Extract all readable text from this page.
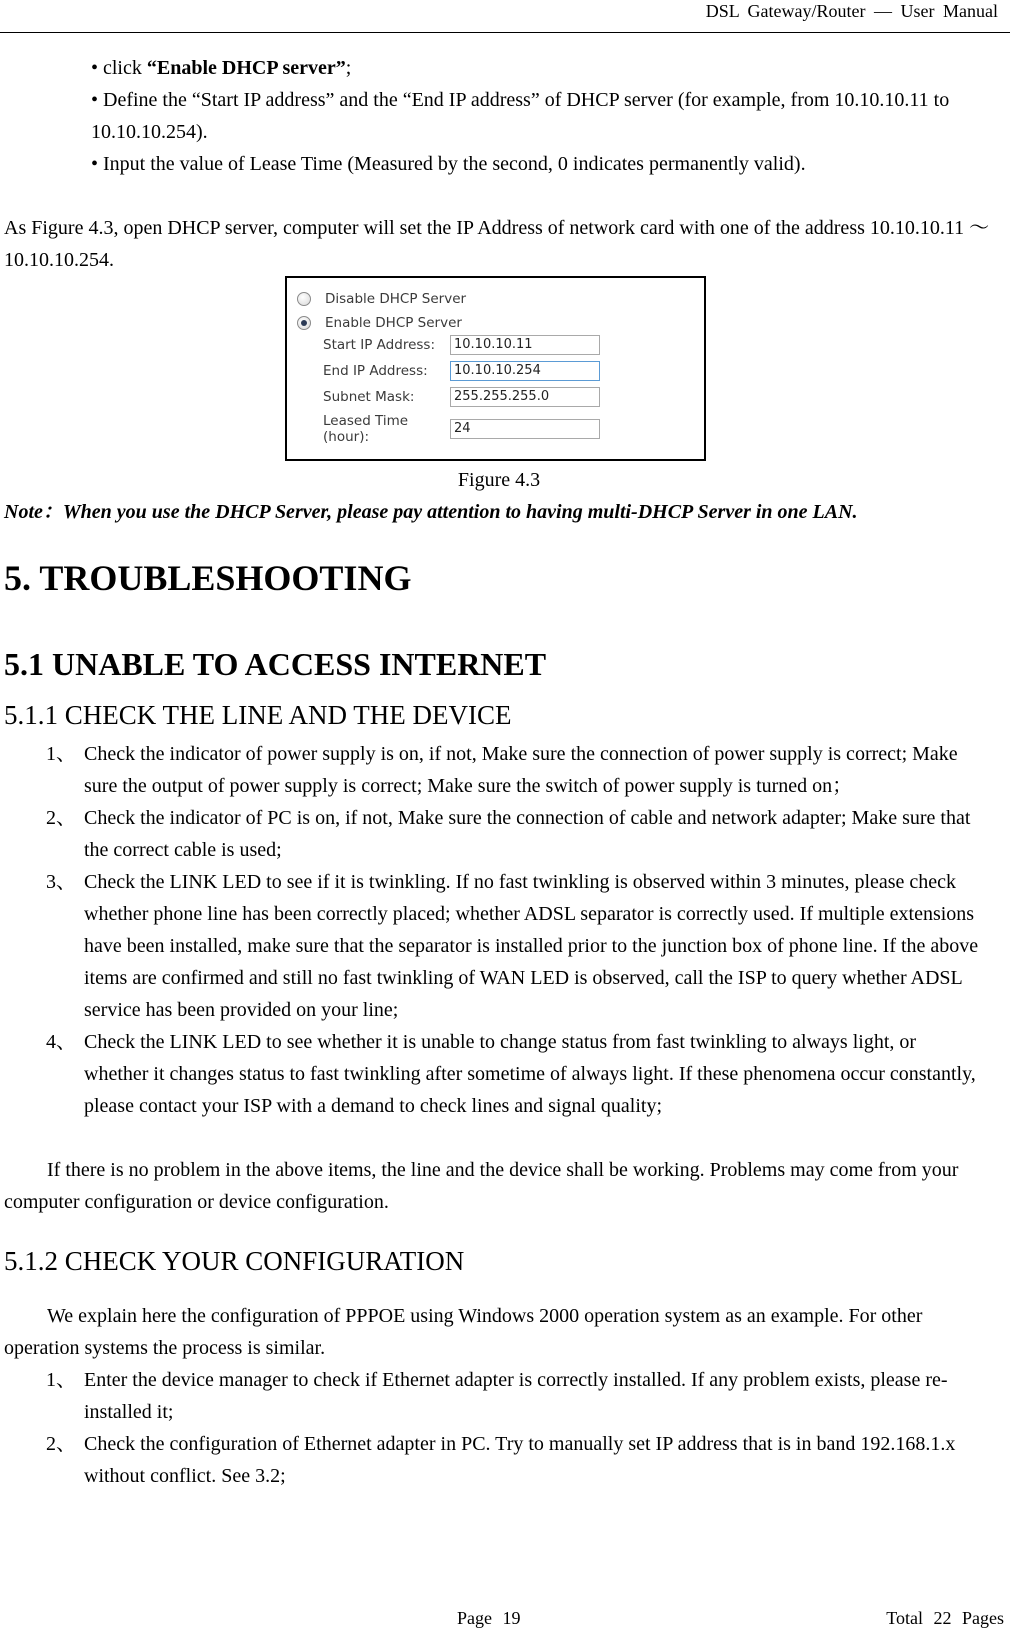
DSL Gateway/Router — User Manual

• click “Enable DHCP server”;

• Define the “Start IP address” and the “End IP address” of DHCP server (for example, from 10.10.10.11 to 10.10.10.254).

• Input the value of Lease Time (Measured by the second, 0 indicates permanently valid).

As Figure 4.3, open DHCP server, computer will set the IP Address of network card with one of the address 10.10.10.11 ～ 10.10.10.254.

Disable DHCP Server
Enable DHCP Server
Start IP Address:	10.10.10.11
End IP Address:	10.10.10.254
Subnet Mask:	255.255.255.0
Leased Time (hour):
24
Figure 4.3
Note：When you use the DHCP Server, please pay attention to having multi-DHCP Server in one LAN.
5. TROUBLESHOOTING
5.1 UNABLE TO ACCESS INTERNET
5.1.1 CHECK THE LINE AND THE DEVICE
1、 Check the indicator of power supply is on, if not, Make sure the connection of power supply is correct; Make sure the output of power supply is correct; Make sure the switch of power supply is turned on；
2、 Check the indicator of PC is on, if not, Make sure the connection of cable and network adapter; Make sure that the correct cable is used;
3、 Check the LINK LED to see if it is twinkling. If no fast twinkling is observed within 3 minutes, please check whether phone line has been correctly placed; whether ADSL separator is correctly used. If multiple extensions have been installed, make sure that the separator is installed prior to the junction box of phone line. If the above items are confirmed and still no fast twinkling of WAN LED is observed, call the ISP to query whether ADSL service has been provided on your line;
4、 Check the LINK LED to see whether it is unable to change status from fast twinkling to always light, or whether it changes status to fast twinkling after sometime of always light. If these phenomena occur constantly, please contact your ISP with a demand to check lines and signal quality;

If there is no problem in the above items, the line and the device shall be working. Problems may come from your computer configuration or device configuration.

5.1.2 CHECK YOUR CONFIGURATION

We explain here the configuration of PPPOE using Windows 2000 operation system as an example. For other operation systems the process is similar.

1、 Enter the device manager to check if Ethernet adapter is correctly installed. If any problem exists, please re-installed it;
2、 Check the configuration of Ethernet adapter in PC. Try to manually set IP address that is in band 192.168.1.x without conflict. See 3.2;
Page 19	Total 22 Pages
